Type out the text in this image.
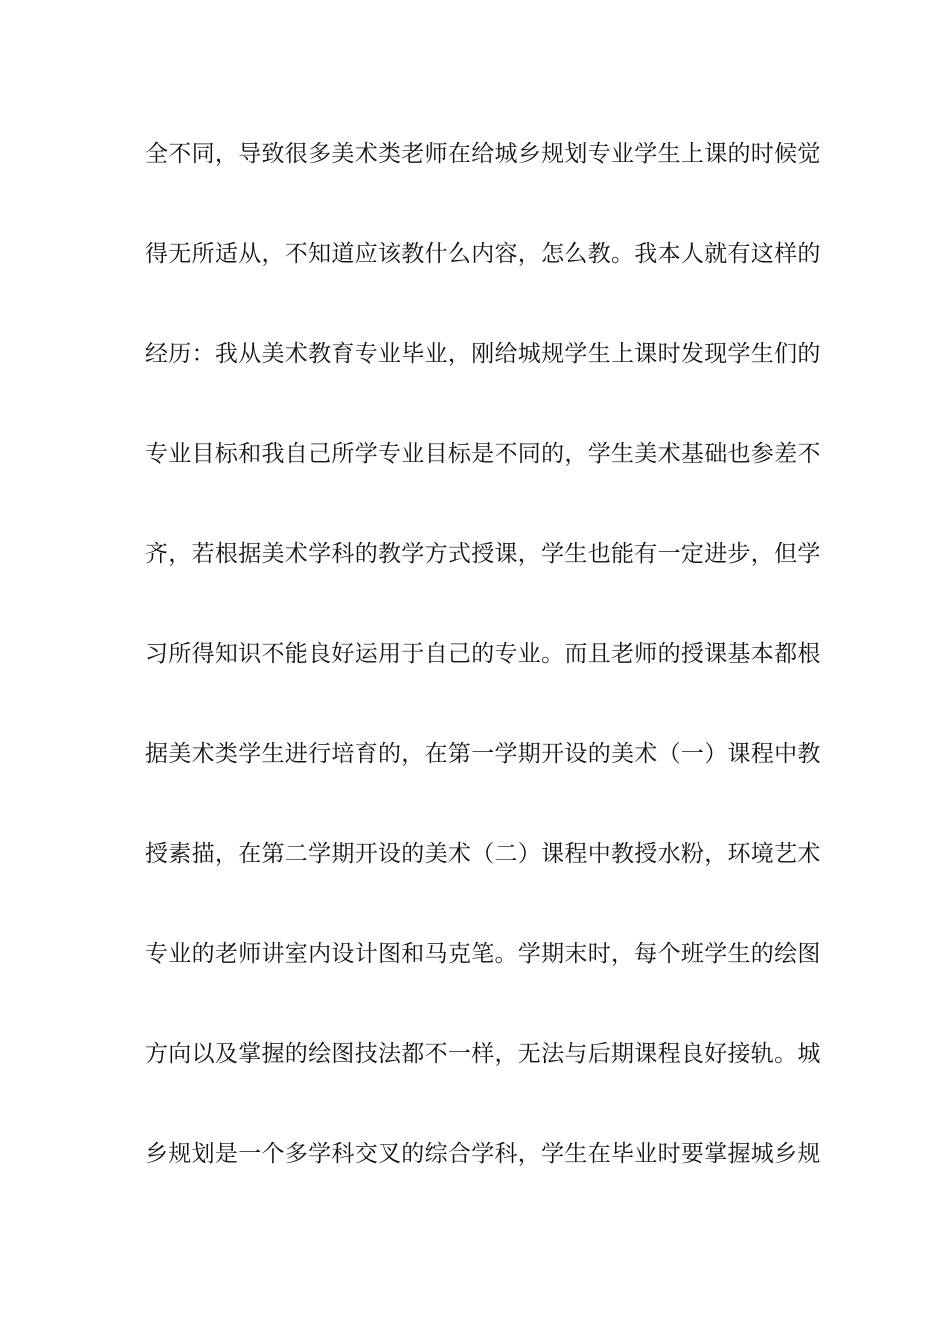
全不同，导致很多美术类老师在给城乡规划专业学生上课的时候觉
得无所适从，不知道应该教什么内容，怎么教。我本人就有这样的
经历：我从美术教育专业毕业，刚给城规学生上课时发现学生们的
专业目标和我自己所学专业目标是不同的，学生美术基础也参差不
齐，若根据美术学科的教学方式授课，学生也能有一定进步，但学
习所得知识不能良好运用于自己的专业。而且老师的授课基本都根
据美术类学生进行培育的，在第一学期开设的美术（一）课程中教
授素描，在第二学期开设的美术（二）课程中教授水粉，环境艺术
专业的老师讲室内设计图和马克笔。学期末时，每个班学生的绘图
方向以及掌握的绘图技法都不一样，无法与后期课程良好接轨。城
乡规划是一个多学科交叉的综合学科，学生在毕业时要掌握城乡规
